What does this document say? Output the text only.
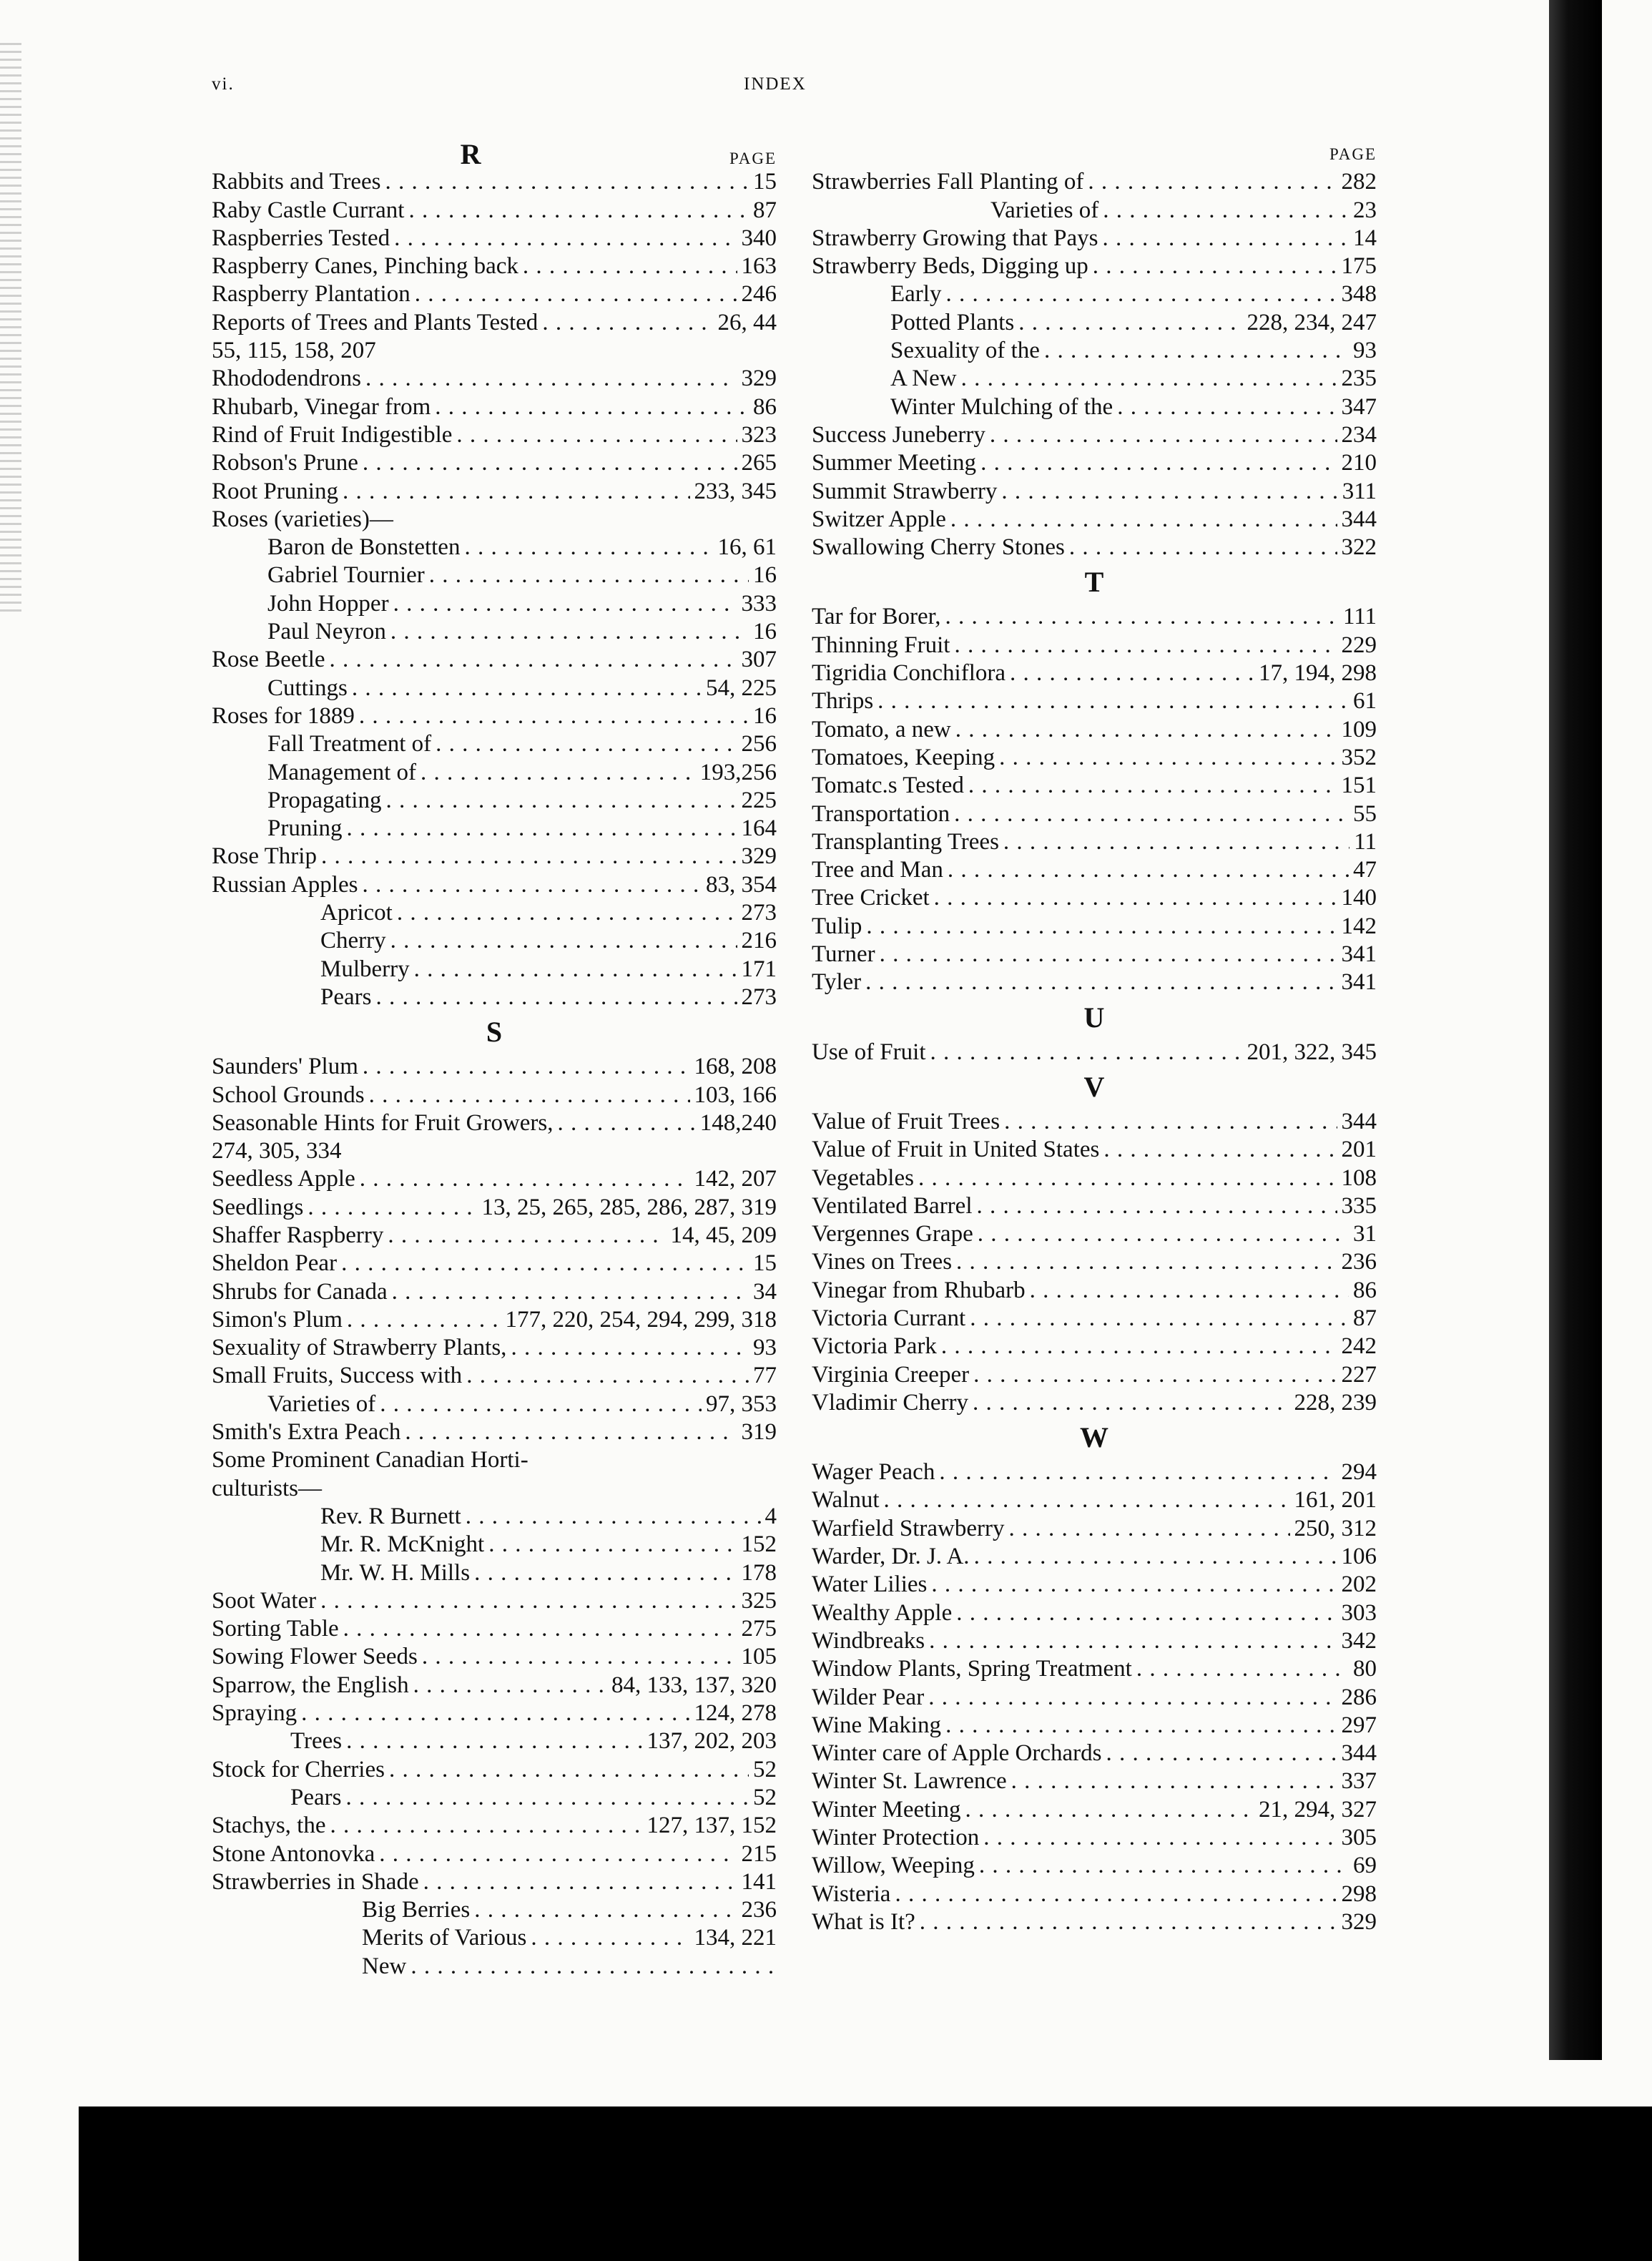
vi.	INDEX
R	PAGE
Rabbits and Trees . . .	15
Raby Castle Currant . . .	87
Raspberries Tested . . .	340
Raspberry Canes, Pinching back . . .	163
Raspberry Plantation . . .	246
Reports of Trees and Plants Tested . . .	26, 44
55, 115, 158, 207
Rhododendrons . . .	329
Rhubarb, Vinegar from . . .	86
Rind of Fruit Indigestible . . .	323
Robson's Prune . . .	265
Root Pruning . . .	233, 345
Roses (varieties)—
Baron de Bonstetten . . .	16, 61
Gabriel Tournier . . .	16
John Hopper . . .	333
Paul Neyron . . .	16
Rose Beetle . . .	307
Cuttings . . .	54, 225
Roses for 1889 . . .	16
Fall Treatment of . . .	256
Management of . . .	193,256
Propagating . . .	225
Pruning . . .	164
Rose Thrip . . .	329
Russian Apples . . .	83, 354
Apricot . . .	273
Cherry . . .	216
Mulberry . . .	171
Pears . . .	273
S
Saunders' Plum . . .	168, 208
School Grounds . . .	103, 166
Seasonable Hints for Fruit Growers, . . .	148,240
274, 305, 334
Seedless Apple . . .	142, 207
Seedlings . . .	13, 25, 265, 285, 286, 287, 319
Shaffer Raspberry . . .	14, 45, 209
Sheldon Pear . . .	15
Shrubs for Canada . . .	34
Simon's Plum . . .	177, 220, 254, 294, 299, 318
Sexuality of Strawberry Plants, . . .	93
Small Fruits, Success with . . .	77
Varieties of . . .	97, 353
Smith's Extra Peach . . .	319
Some Prominent Canadian Horti-
culturists—
Rev. R Burnett . . .	4
Mr. R. McKnight . . .	152
Mr. W. H. Mills . . .	178
Soot Water . . .	325
Sorting Table . . .	275
Sowing Flower Seeds . . .	105
Sparrow, the English . . .	84, 133, 137, 320
Spraying . . .	124, 278
Trees . . .	137, 202, 203
Stock for Cherries . . .	52
Pears . . .	52
Stachys, the . . .	127, 137, 152
Stone Antonovka . . .	215
Strawberries in Shade . . .	141
Big Berries . . .	236
Merits of Various . . .	134, 221
New
. . .
PAGE
Strawberries Fall Planting of . . .	282
Varieties of . . .	23
Strawberry Growing that Pays . . .	14
Strawberry Beds, Digging up . . .	175
Early . . .	348
Potted Plants . . .	228, 234, 247
Sexuality of the . . .	93
A New . . .	235
Winter Mulching of the . . .	347
Success Juneberry . . .	234
Summer Meeting . . .	210
Summit Strawberry . . .	311
Switzer Apple . . .	344
Swallowing Cherry Stones . . .	322
T
Tar for Borer, . . .	111
Thinning Fruit . . .	229
Tigridia Conchiflora . . .	17, 194, 298
Thrips . . .	61
Tomato, a new . . .	109
Tomatoes, Keeping . . .	352
Tomatc.s Tested . . .	151
Transportation . . .	55
Transplanting Trees . . .	11
Tree and Man . . .	47
Tree Cricket . . .	140
Tulip . . .	142
Turner . . .	341
Tyler . . .	341
U
Use of Fruit . . .	201, 322, 345
V
Value of Fruit Trees . . .	344
Value of Fruit in United States . . .	201
Vegetables . . .	108
Ventilated Barrel . . .	335
Vergennes Grape . . .	31
Vines on Trees . . .	236
Vinegar from Rhubarb . . .	86
Victoria Currant . . .	87
Victoria Park . . .	242
Virginia Creeper . . .	227
Vladimir Cherry . . .	228, 239
W
Wager Peach . . .	294
Walnut . . .	161, 201
Warfield Strawberry . . .	250, 312
Warder, Dr. J. A. . . .	106
Water Lilies . . .	202
Wealthy Apple . . .	303
Windbreaks . . .	342
Window Plants, Spring Treatment . . .	80
Wilder Pear . . .	286
Wine Making . . .	297
Winter care of Apple Orchards . . .	344
Winter St. Lawrence . . .	337
Winter Meeting . . .	21, 294, 327
Winter Protection . . .	305
Willow, Weeping . . .	69
Wisteria . . .	298
What is It? . . .	329
